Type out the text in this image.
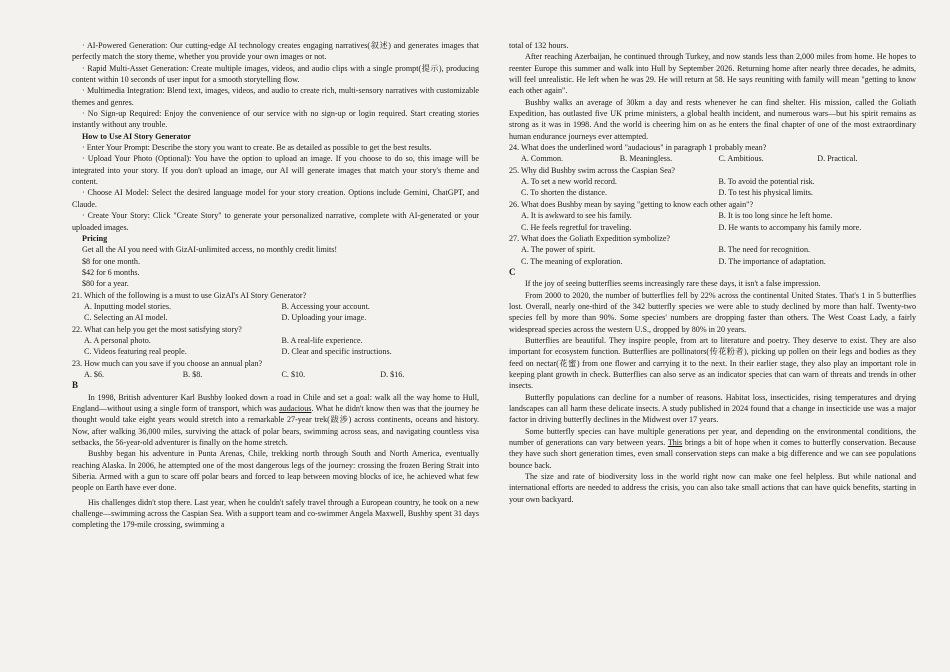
· AI-Powered Generation: Our cutting-edge AI technology creates engaging narratives(叙述) and generates images that perfectly match the story theme, whether you provide your own images or not.

· Rapid Multi-Asset Generation: Create multiple images, videos, and audio clips with a single prompt(提示), producing content within 10 seconds of user input for a smooth storytelling flow.

· Multimedia Integration: Blend text, images, videos, and audio to create rich, multi-sensory narratives with customizable themes and genres.

· No Sign-up Required: Enjoy the convenience of our service with no sign-up or login required. Start creating stories instantly without any trouble.

How to Use AI Story Generator

· Enter Your Prompt: Describe the story you want to create. Be as detailed as possible to get the best results.

· Upload Your Photo (Optional): You have the option to upload an image. If you choose to do so, this image will be integrated into your story. If you don't upload an image, our AI will generate images that match your story's theme and content.

· Choose AI Model: Select the desired language model for your story creation. Options include Gemini, ChatGPT, and Claude.

· Create Your Story: Click "Create Story" to generate your personalized narrative, complete with AI-generated or your uploaded images.

Pricing

Get all the AI you need with GizAI-unlimited access, no monthly credit limits!

$8 for one month.

$42 for 6 months.

$80 for a year.

21. Which of the following is a must to use GizAI's AI Story Generator?

A. Inputting model stories.	B. Accessing your account.
C. Selecting an AI model.	D. Uploading your image.

22. What can help you get the most satisfying story?

A. A personal photo.	B. A real-life experience.
C. Videos featuring real people.	D. Clear and specific instructions.

23. How much can you save if you choose an annual plan?

A. $6.	B. $8.	C. $10.	D. $16.

B

In 1998, British adventurer Karl Bushby looked down a road in Chile and set a goal: walk all the way home to Hull, England—without using a single form of transport, which was audacious. What he didn't know then was that the journey he thought would take eight years would stretch into a remarkable 27-year trek(跋涉) across continents, oceans and history. Now, after walking 36,000 miles, surviving the attack of polar bears, swimming across seas, and navigating countless visa setbacks, the 56-year-old adventurer is finally on the home stretch.

Bushby began his adventure in Punta Arenas, Chile, trekking north through South and North America, eventually reaching Alaska. In 2006, he attempted one of the most dangerous legs of the journey: crossing the frozen Bering Strait into Siberia. Armed with a gun to scare off polar bears and forced to leap between moving blocks of ice, he achieved what few people on Earth have ever done.

His challenges didn't stop there. Last year, when he couldn't safely travel through a European country, he took on a new challenge—swimming across the Caspian Sea. With a support team and co-swimmer Angela Maxwell, Bushby spent 31 days completing the 179-mile crossing, swimming a

total of 132 hours.

After reaching Azerbaijan, he continued through Turkey, and now stands less than 2,000 miles from home. He hopes to reenter Europe this summer and walk into Hull by September 2026. Returning home after nearly three decades, he admits, will feel unrealistic. He left when he was 29. He will return at 58. He says reuniting with family will mean "getting to know each other again".

Bushby walks an average of 30km a day and rests whenever he can find shelter. His mission, called the Goliath Expedition, has outlasted five UK prime ministers, a global health incident, and numerous wars—but his spirit remains as strong as it was in 1998. And the world is cheering him on as he enters the final chapter of one of the most extraordinary human endurance journeys ever attempted.

24. What does the underlined word "audacious" in paragraph 1 probably mean?

A. Common.	B. Meaningless.	C. Ambitious.	D. Practical.

25. Why did Bushby swim across the Caspian Sea?

A. To set a new world record.	B. To avoid the potential risk.
C. To shorten the distance.	D. To test his physical limits.

26. What does Bushby mean by saying "getting to know each other again"?

A. It is awkward to see his family.	B. It is too long since he left home.
C. He feels regretful for traveling.	D. He wants to accompany his family more.

27. What does the Goliath Expedition symbolize?

A. The power of spirit.	B. The need for recognition.
C. The meaning of exploration.	D. The importance of adaptation.

C

If the joy of seeing butterflies seems increasingly rare these days, it isn't a false impression.

From 2000 to 2020, the number of butterflies fell by 22% across the continental United States. That's 1 in 5 butterflies lost. Overall, nearly one-third of the 342 butterfly species we were able to study declined by more than half. Twenty-two species fell by more than 90%. Some species' numbers are dropping faster than others. The West Coast Lady, a fairly widespread species across the western U.S., dropped by 80% in 20 years.

Butterflies are beautiful. They inspire people, from art to literature and poetry. They deserve to exist. They are also important for ecosystem function. Butterflies are pollinators(传花粉者), picking up pollen on their legs and bodies as they feed on nectar(花蜜) from one flower and carrying it to the next. In their earlier stage, they also play an important role in keeping plant growth in check. Butterflies can also serve as an indicator species that can warn of threats and trends in other insects.

Butterfly populations can decline for a number of reasons. Habitat loss, insecticides, rising temperatures and drying landscapes can all harm these delicate insects. A study published in 2024 found that a change in insecticide use was a major factor in driving butterfly declines in the Midwest over 17 years.

Some butterfly species can have multiple generations per year, and depending on the environmental conditions, the number of generations can vary between years. This brings a bit of hope when it comes to butterfly conservation. Because they have such short generation times, even small conservation steps can make a big difference and we can see populations bounce back.

The size and rate of biodiversity loss in the world right now can make one feel helpless. But while national and international efforts are needed to address the crisis, you can also take small actions that can have quick benefits, starting in your own backyard.
